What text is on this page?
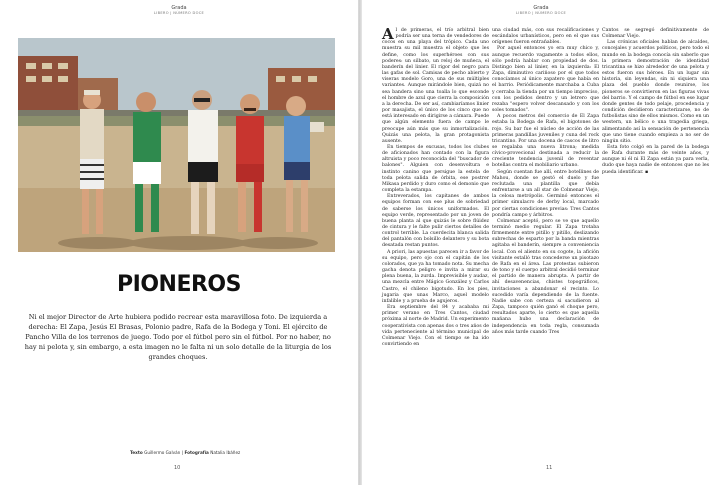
Grada
LIBERO | NÚMERO DOCE
PIONEROS

Ni el mejor Director de Arte hubiera podido recrear esta maravillosa foto. De izquierda a derecha: El Zapa, Jesús El Brasas, Polonio padre, Rafa de la Bodega y Toni. El ejército de Pancho Villa de los terrenos de juego. Todo por el fútbol pero sin el fútbol. Por no haber, no hay ni pelota y, sin embargo, a esta imagen no le falta ni un solo detalle de la liturgia de los grandes choques.

Texto Guillermo Galván | Fotografía Natalia Ibáñez
10
Grada
LIBERO | NÚMERO DOCE

Al de primeras, el trío arbitral bien podría ser una terna de vendedores de cocos en una playa del trópico. Cada uno muestra su mil muestra el objeto que les define, como los superhéroes con sus poderes: un silbato, un reloj de muñeca, el banderín del linier. El rigor del negro para las gafas de sol. Camisas de pecho abierto y viseras modelo Goro, una de sus múltiples variantes. Aunque mirándole bien, quizá no sea bandera sino una toalla lo que esconde el hombre de azul que cierra la composición a la derecha. De ser así, cambiaríamos linier por masajista, el único de los cinco que no está interesado en dirigirse a cámara. Puede que algún elemento fuera de campo le preocupe aún más que su inmortalización. Quizás una pelota, la gran protagonista ausente.

En tiempos de excusas, todos los clubes de aficionados han contado con la figura altruista y poco reconocida del "buscador de balones". Alguien con desenvoltura e instinto canino que persigue la estela de toda pelota salida de órbita, ese postrer Mikasa perdido y duro como el demonio que completa la estampa.

Entreverados, los capitanes de ambos equipos forman con ese plus de sobriedad de saberse los únicos uniformados. El equipo verde, representado por un joven de buena planta al que quizás le sobre flúidez de cintura y le falte pulir ciertos detalles de control terrible. La cuerdecita blanca salida del pantalón con bolsillo delantero y su bota desatada restan puntos.

A priori, las apuestas parecen ir a favor de su equipo, pero ojo con el capitán de los colorados, que ya ha tomado nota. Su mecha gacha denota peligro e invita a mirar su plena buena, la zurda. Imprevisible y audaz, una mezcla entre Mágico González y Carlos Castro, el chileno bigotudo. En los pies, jugaria que unas Marco, aquel modelo infalible y a prueba de agujeros.

Era septiembre del 84 y acababa mi primer verano en Tres Cantos, ciudad próxima al norte de Madrid. Un experimento cooperativista con apenas dos o tres años de vida perteneciente al término municipal de Colmenar Viejo. Con el tiempo se ha ido convirtiendo en

una ciudad más, con sus recalificaciones y escándalos urbanísticos, pero en el que sus orígenes fueron entrañables.

Por aquel entonces yo era muy chico y, aunque recuerdo vagamente a todos ellos, sólo podría hablar con propiedad de dos. Distingo bien al linier, en la izquierda: El Zapa, diminutivo cariñoso por el que todos conocíamos al único zapatero que había en el barrio. Periódicamente marchaba a Cuba y cerraba la tienda por un tiempo impreciso, con los pedidos dentro y un letrero que rezaba "espero volver descansado y con los soles tomados".

A pocos metros del comercio de El Zapa estaba la Bodega de Rafa, el bigotones de rojo. Su bar fue el núcleo de acción de las primeras pandillas juveniles y cuna del rock tricantino. Por una docena de cascos de litro se regalaba una nueva litrona; medida cívico-provecional destinada a reducir la creciente tendencia juvenil de reventar botellas contra el mobiliario urbano.

Según cuentan fue allí, entre botellines de Mahou, donde se gestó el duelo y fue reclutada una plantilla que debía enfrentarse a un all star de Colmenar Viejo, la celosa metrópolis. Germinó entonces el primer simulacro de derby local, marcado por ciertas condiciones previas: Tres Cantos pondría campo y árbitros.

Colmenar aceptó, pero se ve que aquello terminó medio regular. El Zapa trotaba firmemente entre pitillo y pitillo, deslizando subrechas de esparto por la banda mientras agitaba el banderín, siempre a conveniencia local. Con el aliento en su cogote, la afición visitante estalló tras concederse un pisotazo de Rafa en el área. Las protestas subieron de tono y el cuerpo arbitral decidió terminar el partido de manera abrupta. A partir de ahí desavenencias, chistes topográficos, invitaciones a abandonar el recinto. Lo sucedido varía dependiendo de la fuente. Nadie sabe con certeza si sacudieron al Zapa, tampoco quién ganó el choque pero, resultados aparte, lo cierto es que aquella mañana hubo una declaración de independencia en toda regla, consumada años más tarde cuando Tres

Cantos se segregó definitivamente de Colmenar Viejo.

Las crónicas oficiales hablan de alcaldes, concejales y acuerdos políticos, pero todo el mundo en la bodega conocía sin saberlo que la primera demostración de identidad tricantina se hizo alrededor de una pelota y estos fueron sus héroes. En un lugar sin historia, sin leyendas, sin ni siquiera una plaza del pueblo donde reunirse, los pioneros se convirtieron en las figuras vivas del barrio. Y el campo de fútbol en ese lugar donde gentes de todo pelaje, procedencia y condición decidieron caracterizarse, no de futbolistas sino de ellos mismos. Como en un western, un bélico o una tragedia griega, alimentando así la sensación de pertenencia que uno tiene cuando empieza a no ser de ningún sitio.

Esta foto colgó en la pared de la bodega de Rafa durante más de veinte años, y aunque ni él ni El Zapa están ya para verla, dudo que haya nadie de entonces que no les pueda identificar. ▪

11
